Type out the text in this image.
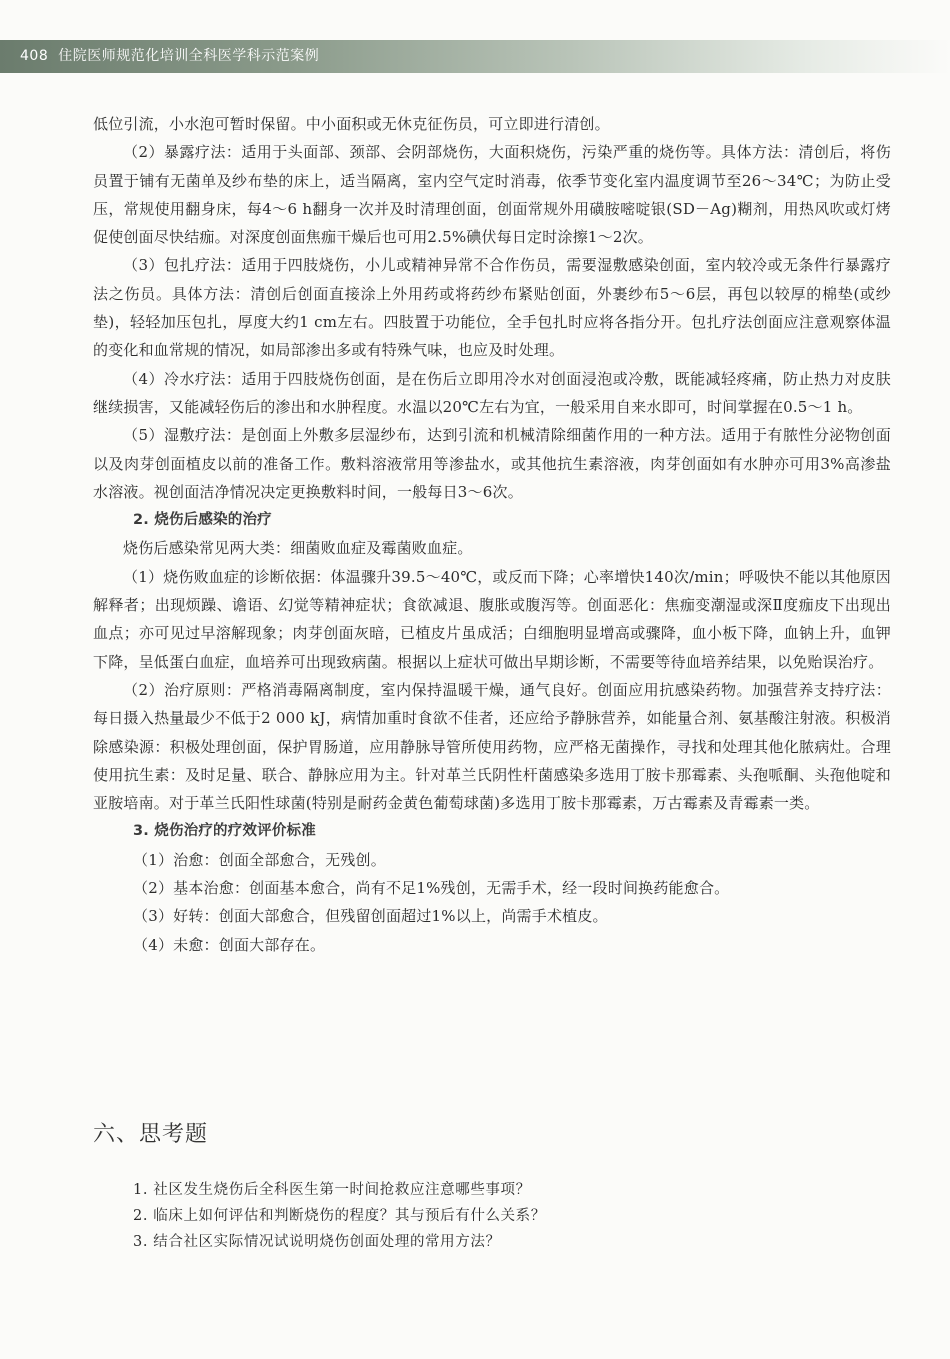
408 住院医师规范化培训全科医学科示范案例

低位引流，小水泡可暂时保留。中小面积或无休克征伤员，可立即进行清创。

（2）暴露疗法：适用于头面部、颈部、会阴部烧伤，大面积烧伤，污染严重的烧伤等。具体方法：清创后，将伤员置于铺有无菌单及纱布垫的床上，适当隔离，室内空气定时消毒，依季节变化室内温度调节至26～34℃；为防止受压，常规使用翻身床，每4～6 h翻身一次并及时清理创面，创面常规外用磺胺嘧啶银(SD－Ag)糊剂，用热风吹或灯烤促使创面尽快结痂。对深度创面焦痂干燥后也可用2.5%碘伏每日定时涂擦1～2次。

（3）包扎疗法：适用于四肢烧伤，小儿或精神异常不合作伤员，需要湿敷感染创面，室内较冷或无条件行暴露疗法之伤员。具体方法：清创后创面直接涂上外用药或将药纱布紧贴创面，外裹纱布5～6层，再包以较厚的棉垫(或纱垫)，轻轻加压包扎，厚度大约1 cm左右。四肢置于功能位，全手包扎时应将各指分开。包扎疗法创面应注意观察体温的变化和血常规的情况，如局部渗出多或有特殊气味，也应及时处理。

（4）冷水疗法：适用于四肢烧伤创面，是在伤后立即用冷水对创面浸泡或冷敷，既能减轻疼痛，防止热力对皮肤继续损害，又能减轻伤后的渗出和水肿程度。水温以20℃左右为宜，一般采用自来水即可，时间掌握在0.5～1 h。

（5）湿敷疗法：是创面上外敷多层湿纱布，达到引流和机械清除细菌作用的一种方法。适用于有脓性分泌物创面以及肉芽创面植皮以前的准备工作。敷料溶液常用等渗盐水，或其他抗生素溶液，肉芽创面如有水肿亦可用3%高渗盐水溶液。视创面洁净情况决定更换敷料时间，一般每日3～6次。

2. 烧伤后感染的治疗

烧伤后感染常见两大类：细菌败血症及霉菌败血症。

（1）烧伤败血症的诊断依据：体温骤升39.5～40℃，或反而下降；心率增快140次/min；呼吸快不能以其他原因解释者；出现烦躁、谵语、幻觉等精神症状；食欲减退、腹胀或腹泻等。创面恶化：焦痂变潮湿或深Ⅱ度痂皮下出现出血点；亦可见过早溶解现象；肉芽创面灰暗，已植皮片虽成活；白细胞明显增高或骤降，血小板下降，血钠上升，血钾下降，呈低蛋白血症，血培养可出现致病菌。根据以上症状可做出早期诊断，不需要等待血培养结果，以免贻误治疗。

（2）治疗原则：严格消毒隔离制度，室内保持温暖干燥，通气良好。创面应用抗感染药物。加强营养支持疗法：每日摄入热量最少不低于2 000 kJ，病情加重时食欲不佳者，还应给予静脉营养，如能量合剂、氨基酸注射液。积极消除感染源：积极处理创面，保护胃肠道，应用静脉导管所使用药物，应严格无菌操作，寻找和处理其他化脓病灶。合理使用抗生素：及时足量、联合、静脉应用为主。针对革兰氏阴性杆菌感染多选用丁胺卡那霉素、头孢哌酮、头孢他啶和亚胺培南。对于革兰氏阳性球菌(特别是耐药金黄色葡萄球菌)多选用丁胺卡那霉素，万古霉素及青霉素一类。

3. 烧伤治疗的疗效评价标准

（1）治愈：创面全部愈合，无残创。

（2）基本治愈：创面基本愈合，尚有不足1%残创，无需手术，经一段时间换药能愈合。

（3）好转：创面大部愈合，但残留创面超过1%以上，尚需手术植皮。

（4）未愈：创面大部存在。

六、思考题

1. 社区发生烧伤后全科医生第一时间抢救应注意哪些事项？

2. 临床上如何评估和判断烧伤的程度？其与预后有什么关系？

3. 结合社区实际情况试说明烧伤创面处理的常用方法？
